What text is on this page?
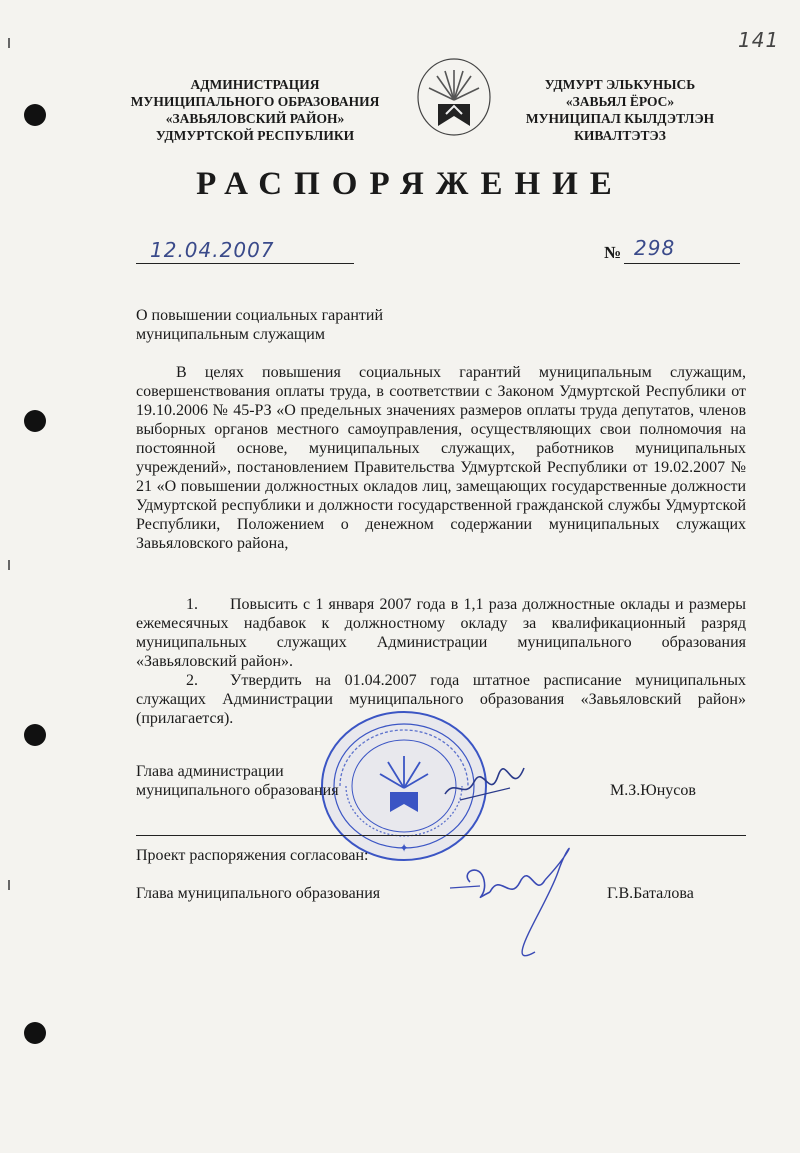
141
АДМИНИСТРАЦИЯ
МУНИЦИПАЛЬНОГО ОБРАЗОВАНИЯ
«ЗАВЬЯЛОВСКИЙ РАЙОН»
УДМУРТСКОЙ РЕСПУБЛИКИ
УДМУРТ ЭЛЬКУНЫСЬ
«ЗАВЬЯЛ ЁРОС»
МУНИЦИПАЛ КЫЛДЭТЛЭН
КИВАЛТЭТЭЗ
РАСПОРЯЖЕНИЕ
12.04.2007	№ 298
О повышении социальных гарантий
муниципальным служащим
В целях повышения социальных гарантий муниципальным служащим, совершенствования оплаты труда, в соответствии с Законом Удмуртской Республики от 19.10.2006 № 45-РЗ «О предельных значениях размеров оплаты труда депутатов, членов выборных органов местного самоуправления, осуществляющих свои полномочия на постоянной основе, муниципальных служащих, работников муниципальных учреждений», постановлением Правительства Удмуртской Республики от 19.02.2007 № 21 «О повышении должностных окладов лиц, замещающих государственные должности Удмуртской республики и должности государственной гражданской службы Удмуртской Республики, Положением о денежном содержании муниципальных служащих Завьяловского района,
1. Повысить с 1 января 2007 года в 1,1 раза должностные оклады и размеры ежемесячных надбавок к должностному окладу за квалификационный разряд муниципальных служащих Администрации муниципального образования «Завьяловский район».
2. Утвердить на 01.04.2007 года штатное расписание муниципальных служащих Администрации муниципального образования «Завьяловский район» (прилагается).
✦
Глава администрации
муниципального образования	М.З.Юнусов
Проект распоряжения согласован:
Глава муниципального образования	Г.В.Баталова
